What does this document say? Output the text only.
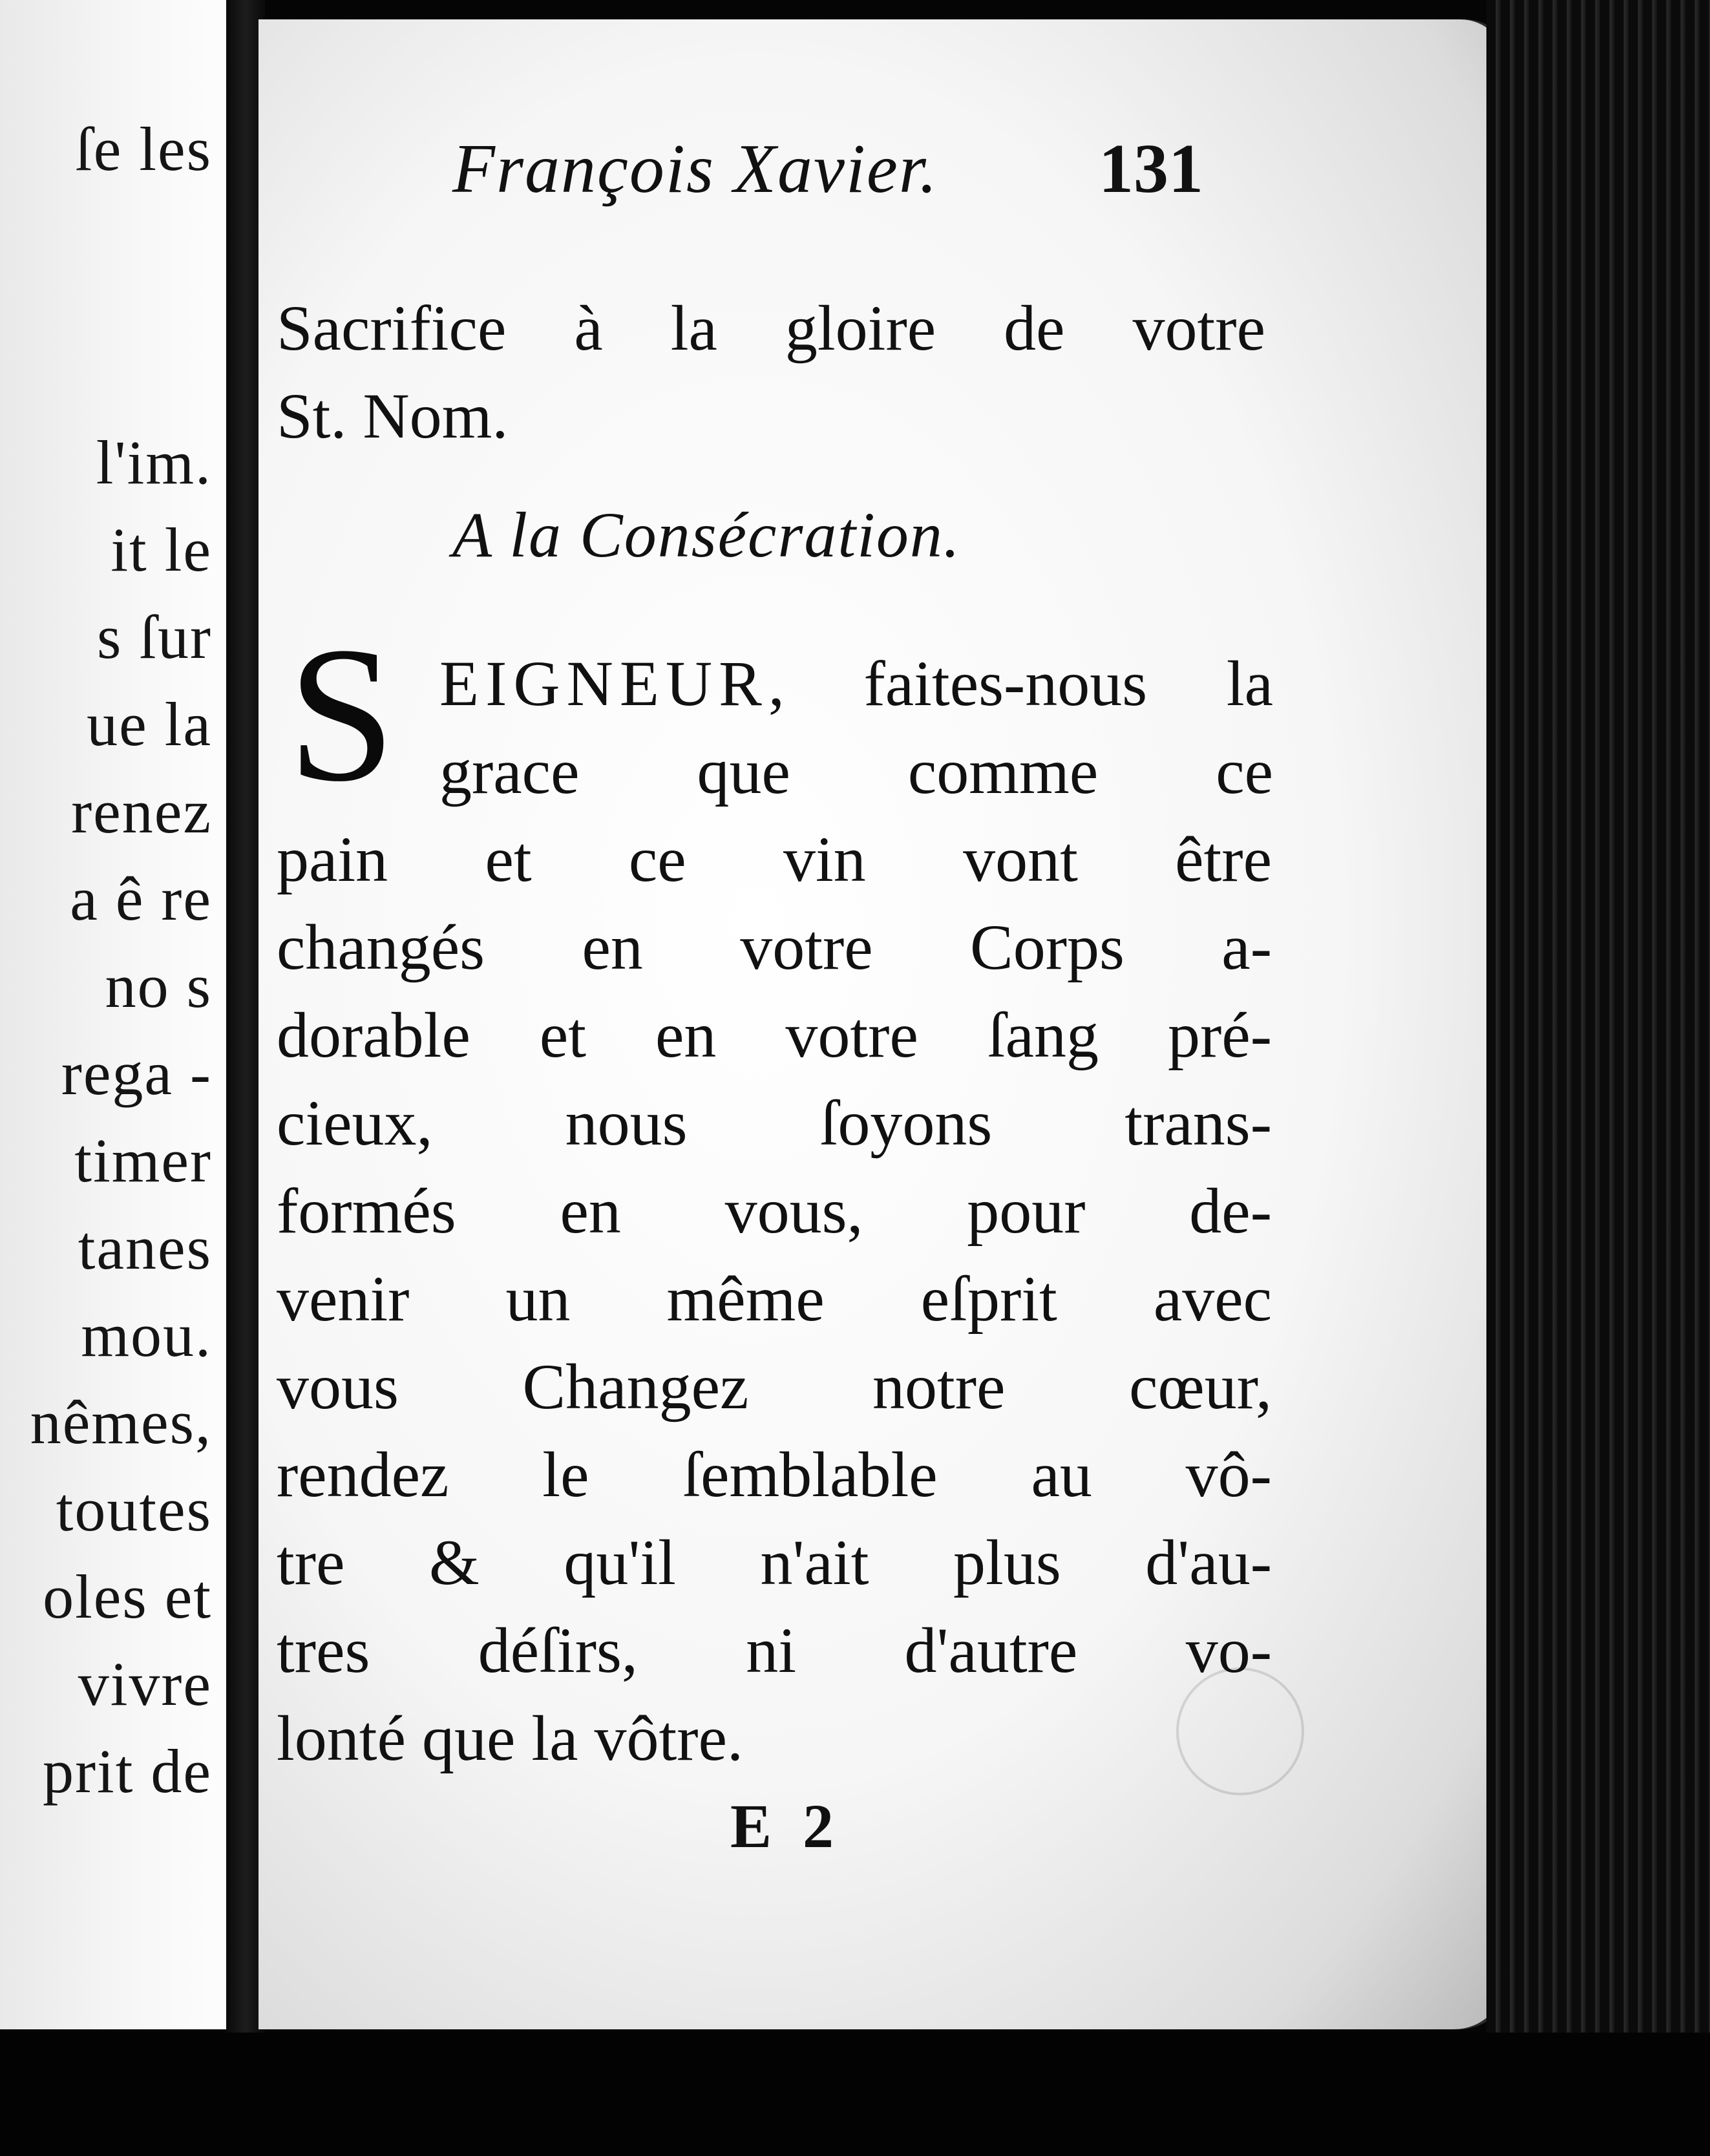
ſe les
l'im.
it le
s ſur
ue la
renez
a ê re
no s
rega -
timer
tanes
mou.
nêmes,
toutes
oles et
vivre
prit de
François Xavier. 131
Sacrifice à la gloire de votre
St. Nom.
A la Consécration.
S EIGNEUR, faites-nous la
grace que comme ce
pain et ce vin vont être
changés en votre Corps a-
dorable et en votre ſang pré-
cieux, nous ſoyons trans-
formés en vous, pour de-
venir un même eſprit avec
vous Changez notre cœur,
rendez le ſemblable au vô-
tre & qu'il n'ait plus d'au-
tres déſirs, ni d'autre vo-
lonté que la vôtre.
E 2
